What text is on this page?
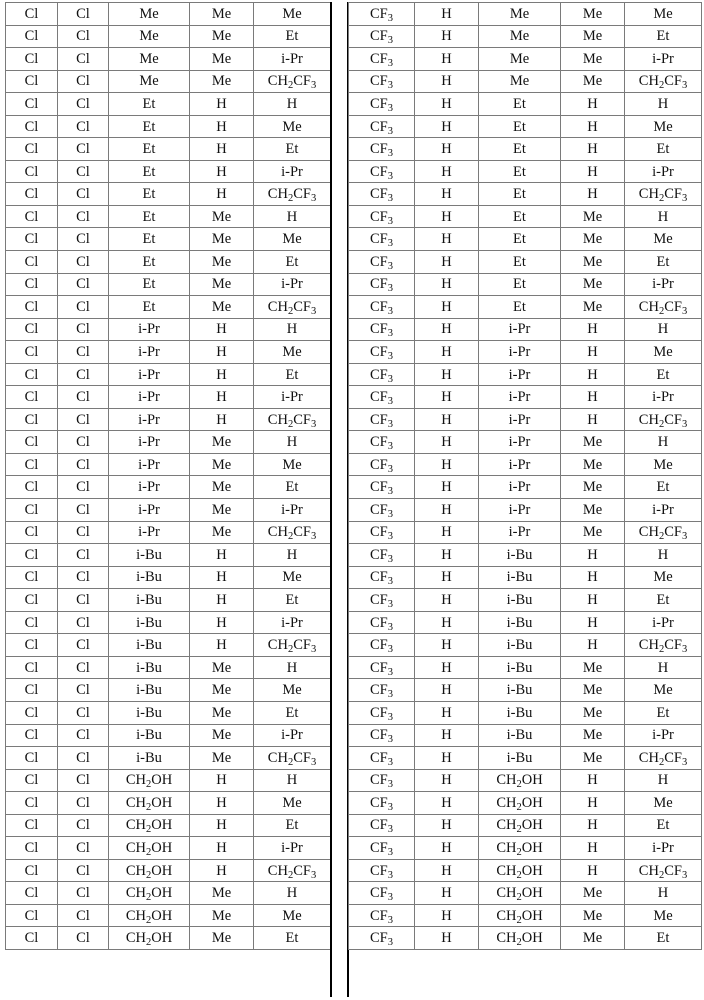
Cl	Cl	Me	Me	Me
Cl	Cl	Me	Me	Et
Cl	Cl	Me	Me	i-Pr
Cl	Cl	Me	Me	$CH_2CF_3$
Cl	Cl	Et	H	H
Cl	Cl	Et	H	Me
Cl	Cl	Et	H	Et
Cl	Cl	Et	H	i-Pr
Cl	Cl	Et	H	$CH_2CF_3$
Cl	Cl	Et	Me	H
Cl	Cl	Et	Me	Me
Cl	Cl	Et	Me	Et
Cl	Cl	Et	Me	i-Pr
Cl	Cl	Et	Me	$CH_2CF_3$
Cl	Cl	i-Pr	H	H
Cl	Cl	i-Pr	H	Me
Cl	Cl	i-Pr	H	Et
Cl	Cl	i-Pr	H	i-Pr
Cl	Cl	i-Pr	H	$CH_2CF_3$
Cl	Cl	i-Pr	Me	H
Cl	Cl	i-Pr	Me	Me
Cl	Cl	i-Pr	Me	Et
Cl	Cl	i-Pr	Me	i-Pr
Cl	Cl	i-Pr	Me	$CH_2CF_3$
Cl	Cl	i-Bu	H	H
Cl	Cl	i-Bu	H	Me
Cl	Cl	i-Bu	H	Et
Cl	Cl	i-Bu	H	i-Pr
Cl	Cl	i-Bu	H	$CH_2CF_3$
Cl	Cl	i-Bu	Me	H
Cl	Cl	i-Bu	Me	Me
Cl	Cl	i-Bu	Me	Et
Cl	Cl	i-Bu	Me	i-Pr
Cl	Cl	i-Bu	Me	$CH_2CF_3$
Cl	Cl	$CH_2OH$	H	H
Cl	Cl	$CH_2OH$	H	Me
Cl	Cl	$CH_2OH$	H	Et
Cl	Cl	$CH_2OH$	H	i-Pr
Cl	Cl	$CH_2OH$	H	$CH_2CF_3$
Cl	Cl	$CH_2OH$	Me	H
Cl	Cl	$CH_2OH$	Me	Me
Cl	Cl	$CH_2OH$	Me	Et
$CF_3$	H	Me	Me	Me
$CF_3$	H	Me	Me	Et
$CF_3$	H	Me	Me	i-Pr
$CF_3$	H	Me	Me	$CH_2CF_3$
$CF_3$	H	Et	H	H
$CF_3$	H	Et	H	Me
$CF_3$	H	Et	H	Et
$CF_3$	H	Et	H	i-Pr
$CF_3$	H	Et	H	$CH_2CF_3$
$CF_3$	H	Et	Me	H
$CF_3$	H	Et	Me	Me
$CF_3$	H	Et	Me	Et
$CF_3$	H	Et	Me	i-Pr
$CF_3$	H	Et	Me	$CH_2CF_3$
$CF_3$	H	i-Pr	H	H
$CF_3$	H	i-Pr	H	Me
$CF_3$	H	i-Pr	H	Et
$CF_3$	H	i-Pr	H	i-Pr
$CF_3$	H	i-Pr	H	$CH_2CF_3$
$CF_3$	H	i-Pr	Me	H
$CF_3$	H	i-Pr	Me	Me
$CF_3$	H	i-Pr	Me	Et
$CF_3$	H	i-Pr	Me	i-Pr
$CF_3$	H	i-Pr	Me	$CH_2CF_3$
$CF_3$	H	i-Bu	H	H
$CF_3$	H	i-Bu	H	Me
$CF_3$	H	i-Bu	H	Et
$CF_3$	H	i-Bu	H	i-Pr
$CF_3$	H	i-Bu	H	$CH_2CF_3$
$CF_3$	H	i-Bu	Me	H
$CF_3$	H	i-Bu	Me	Me
$CF_3$	H	i-Bu	Me	Et
$CF_3$	H	i-Bu	Me	i-Pr
$CF_3$	H	i-Bu	Me	$CH_2CF_3$
$CF_3$	H	$CH_2OH$	H	H
$CF_3$	H	$CH_2OH$	H	Me
$CF_3$	H	$CH_2OH$	H	Et
$CF_3$	H	$CH_2OH$	H	i-Pr
$CF_3$	H	$CH_2OH$	H	$CH_2CF_3$
$CF_3$	H	$CH_2OH$	Me	H
$CF_3$	H	$CH_2OH$	Me	Me
$CF_3$	H	$CH_2OH$	Me	Et
